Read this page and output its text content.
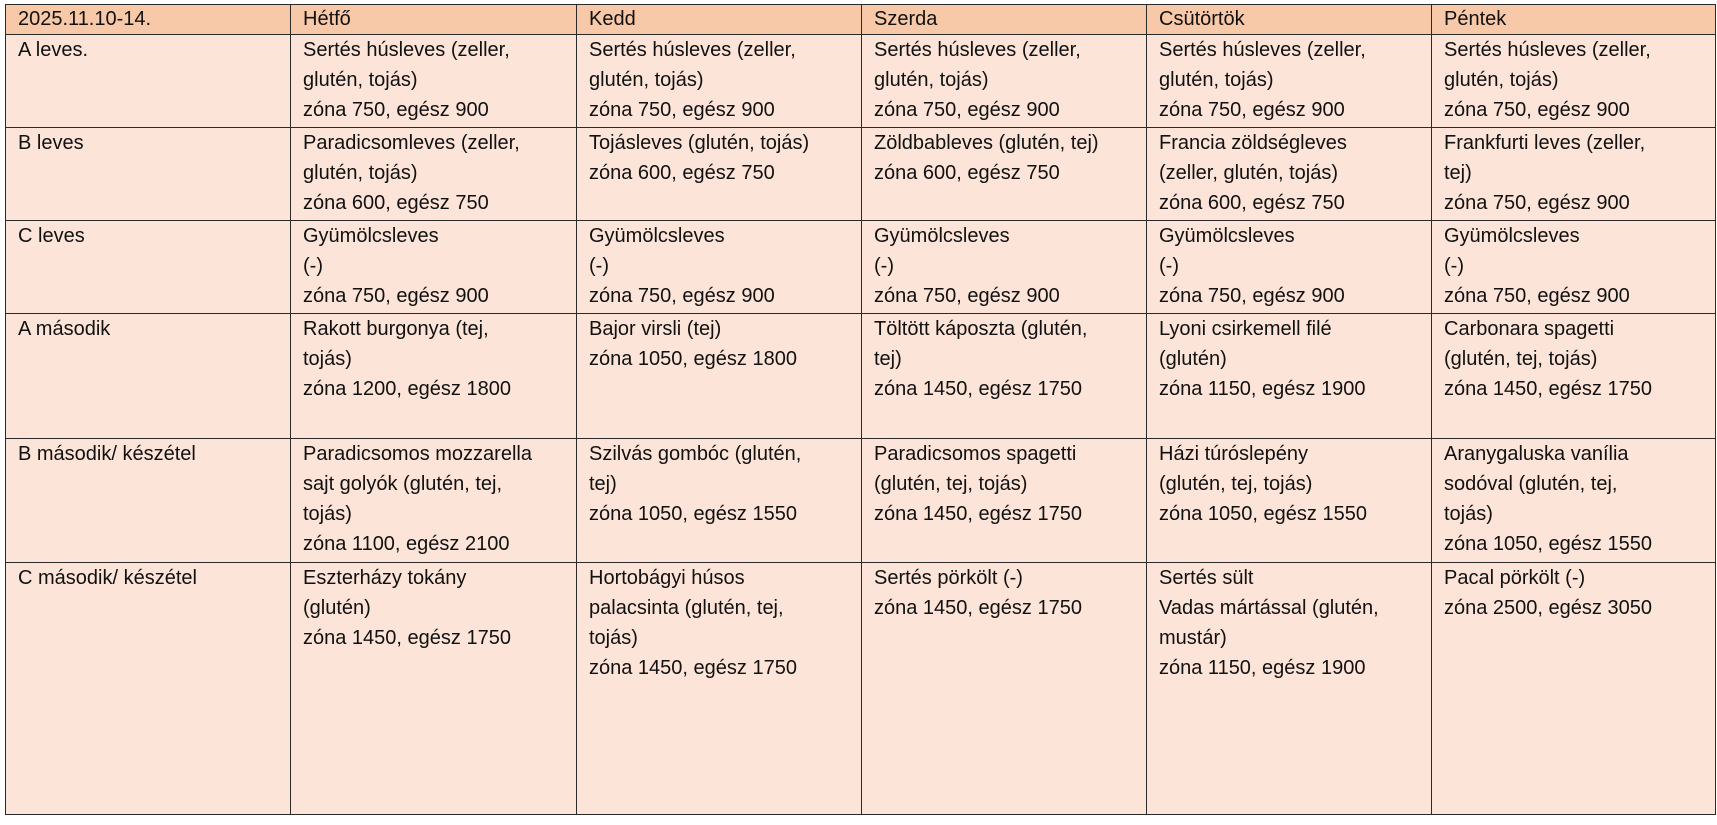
2025.11.10-14.	Hétfő	Kedd	Szerda	Csütörtök	Péntek
A leves.	Sertés húsleves (zeller,
glutén, tojás)
zóna 750, egész 900	Sertés húsleves (zeller,
glutén, tojás)
zóna 750, egész 900	Sertés húsleves (zeller,
glutén, tojás)
zóna 750, egész 900	Sertés húsleves (zeller,
glutén, tojás)
zóna 750, egész 900	Sertés húsleves (zeller,
glutén, tojás)
zóna 750, egész 900

B leves	Paradicsomleves (zeller,
glutén, tojás)
zóna 600, egész 750	Tojásleves (glutén, tojás)
zóna 600, egész 750	Zöldbableves (glutén, tej)
zóna 600, egész 750	Francia zöldségleves
(zeller, glutén, tojás)
zóna 600, egész 750	Frankfurti leves (zeller,
tej)
zóna 750, egész 900

C leves	Gyümölcsleves
(-)
zóna 750, egész 900	Gyümölcsleves
(-)
zóna 750, egész 900	Gyümölcsleves
(-)
zóna 750, egész 900	Gyümölcsleves
(-)
zóna 750, egész 900	Gyümölcsleves
(-)
zóna 750, egész 900

A második	Rakott burgonya (tej,
tojás)
zóna 1200, egész 1800	Bajor virsli (tej)
zóna 1050, egész 1800	Töltött káposzta (glutén,
tej)
zóna 1450, egész 1750	Lyoni csirkemell filé
(glutén)
zóna 1150, egész 1900	Carbonara spagetti
(glutén, tej, tojás)
zóna 1450, egész 1750

B második/ készétel	Paradicsomos mozzarella
sajt golyók (glutén, tej,
tojás)
zóna 1100, egész 2100	Szilvás gombóc (glutén,
tej)
zóna 1050, egész 1550	Paradicsomos spagetti
(glutén, tej, tojás)
zóna 1450, egész 1750	Házi túróslepény
(glutén, tej, tojás)
zóna 1050, egész 1550	Aranygaluska vanília
sodóval (glutén, tej,
tojás)
zóna 1050, egész 1550

C második/ készétel	Eszterházy tokány
(glutén)
zóna 1450, egész 1750	Hortobágyi húsos
palacsinta (glutén, tej,
tojás)
zóna 1450, egész 1750	Sertés pörkölt (-)
zóna 1450, egész 1750	Sertés sült
Vadas mártással (glutén,
mustár)
zóna 1150, egész 1900	Pacal pörkölt (-)
zóna 2500, egész 3050
